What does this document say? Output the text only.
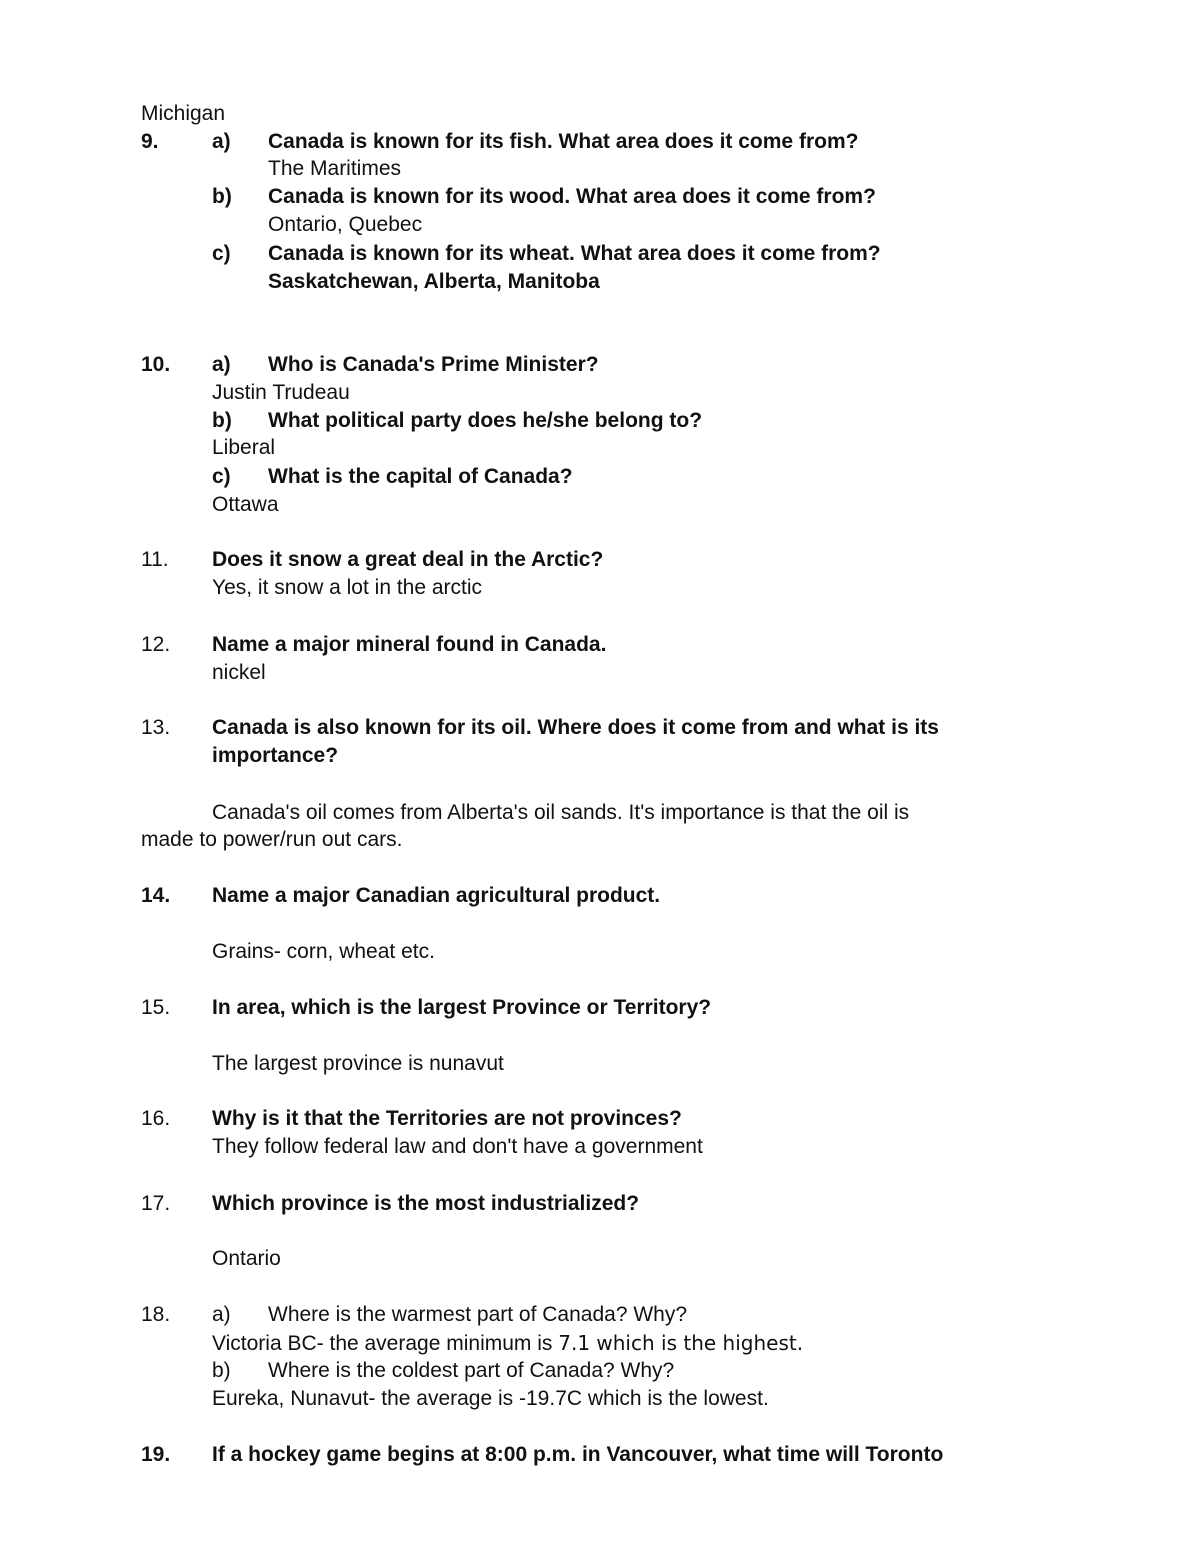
Michigan
9.	a) Canada is known for its fish. What area does it come from?
The Maritimes
b) Canada is known for its wood. What area does it come from?
Ontario, Quebec
c) Canada is known for its wheat. What area does it come from?
Saskatchewan, Alberta, Manitoba
10. a) Who is Canada's Prime Minister?
Justin Trudeau
b) What political party does he/she belong to?
Liberal
c) What is the capital of Canada?
Ottawa
11. Does it snow a great deal in the Arctic?
Yes, it snow a lot in the arctic
12. Name a major mineral found in Canada.
nickel
13. Canada is also known for its oil. Where does it come from and what is its
importance?
Canada's oil comes from Alberta's oil sands. It's importance is that the oil is
made to power/run out cars.
14. Name a major Canadian agricultural product.
Grains- corn, wheat etc.
15. In area, which is the largest Province or Territory?
The largest province is nunavut
16. Why is it that the Territories are not provinces?
They follow federal law and don't have a government
17. Which province is the most industrialized?
Ontario
18. a) Where is the warmest part of Canada? Why?
Victoria BC- the average minimum is 7.1 which is the highest.
b) Where is the coldest part of Canada? Why?
Eureka, Nunavut- the average is -19.7C which is the lowest.
19. If a hockey game begins at 8:00 p.m. in Vancouver, what time will Toronto
